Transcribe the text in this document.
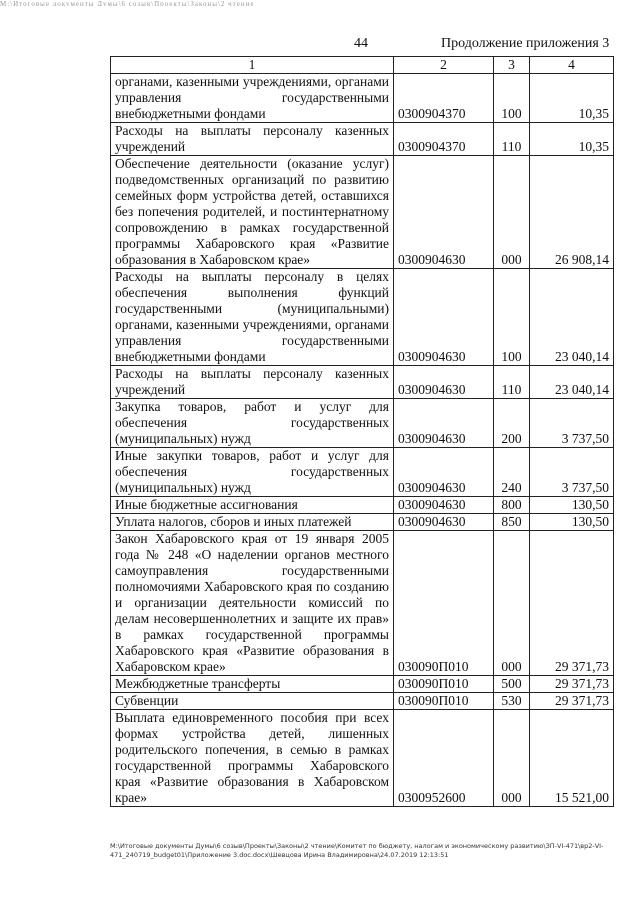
М:\Итоговые документы Думы\6 созыв\Проекты\Законы\2 чтение
44	Продолжение приложения 3
1	2	3	4
органами, казенными учреждениями, органами управления государственными внебюджетными фондами	0300904370	100	10,35
Расходы на выплаты персоналу казенных учреждений	0300904370	110	10,35
Обеспечение деятельности (оказание услуг) подведомственных организаций по развитию семейных форм устройства детей, оставшихся без попечения родителей, и постинтернатному сопровождению в рамках государственной программы Хабаровского края «Развитие образования в Хабаровском крае»	0300904630	000	26 908,14
Расходы на выплаты персоналу в целях обеспечения выполнения функций государственными (муниципальными) органами, казенными учреждениями, органами управления государственными внебюджетными фондами	0300904630	100	23 040,14
Расходы на выплаты персоналу казенных учреждений	0300904630	110	23 040,14
Закупка товаров, работ и услуг для обеспечения государственных (муниципальных) нужд	0300904630	200	3 737,50
Иные закупки товаров, работ и услуг для обеспечения государственных (муниципальных) нужд	0300904630	240	3 737,50
Иные бюджетные ассигнования	0300904630	800	130,50
Уплата налогов, сборов и иных платежей	0300904630	850	130,50
Закон Хабаровского края от 19 января 2005 года № 248 «О наделении органов местного самоуправления государственными полномочиями Хабаровского края по созданию и организации деятельности комиссий по делам несовершеннолетних и защите их прав» в рамках государственной программы Хабаровского края «Развитие образования в Хабаровском крае»	030090П010	000	29 371,73
Межбюджетные трансферты	030090П010	500	29 371,73
Субвенции	030090П010	530	29 371,73
Выплата единовременного пособия при всех формах устройства детей, лишенных родительского попечения, в семью в рамках государственной программы Хабаровского края «Развитие образования в Хабаровском крае»	0300952600	000	15 521,00
М:\Итоговые документы Думы\6 созыв\Проекты\Законы\2 чтение\Комитет по бюджету, налогам и экономическому развитию\ЗП-VI-471\вр2-VI-471_240719_budget01\Приложение 3.doc.docx\Шевцова Ирина Владимировна\24.07.2019 12:13:51
